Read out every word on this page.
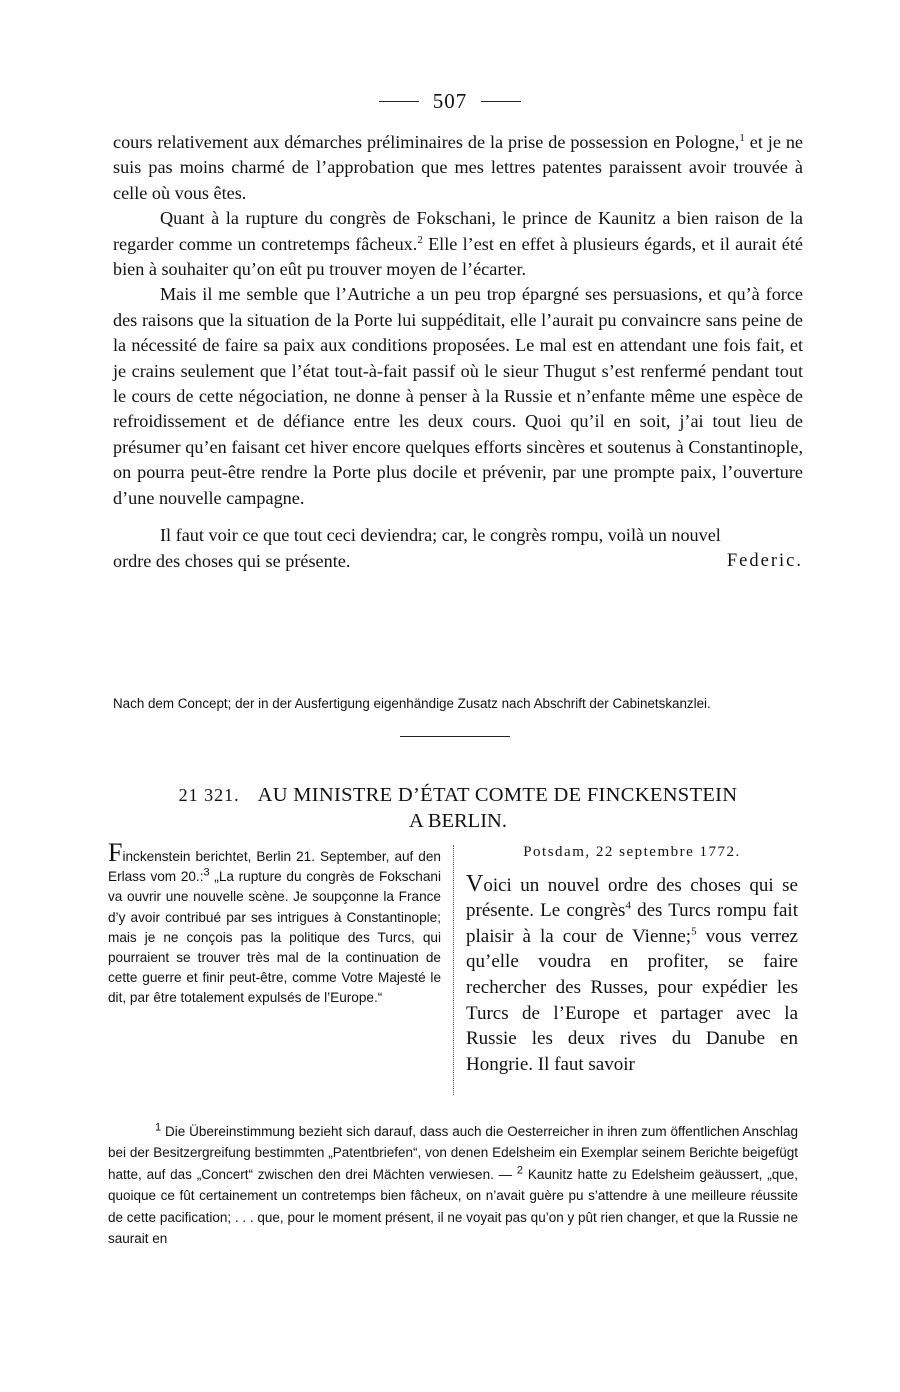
507

cours relativement aux démarches préliminaires de la prise de possession en Pologne,$^1$ et je ne suis pas moins charmé de l’approbation que mes lettres patentes paraissent avoir trouvée à celle où vous êtes.

Quant à la rupture du congrès de Fokschani, le prince de Kaunitz a bien raison de la regarder comme un contretemps fâcheux.$^2$ Elle l’est en effet à plusieurs égards, et il aurait été bien à souhaiter qu’on eût pu trouver moyen de l’écarter.

Mais il me semble que l’Autriche a un peu trop épargné ses persuasions, et qu’à force des raisons que la situation de la Porte lui suppéditait, elle l’aurait pu convaincre sans peine de la nécessité de faire sa paix aux conditions proposées. Le mal est en attendant une fois fait, et je crains seulement que l’état tout-à-fait passif où le sieur Thugut s’est renfermé pendant tout le cours de cette négociation, ne donne à penser à la Russie et n’enfante même une espèce de refroidissement et de défiance entre les deux cours. Quoi qu’il en soit, j’ai tout lieu de présumer qu’en faisant cet hiver encore quelques efforts sincères et soutenus à Constantinople, on pourra peut-être rendre la Porte plus docile et prévenir, par une prompte paix, l’ouverture d’une nouvelle campagne.

Il faut voir ce que tout ceci deviendra; car, le congrès rompu, voilà un nouvel ordre des choses qui se présente.	Federic.
Nach dem Concept; der in der Ausfertigung eigenhändige Zusatz nach Abschrift der Cabinetskanzlei.
21 321. AU MINISTRE D’ÉTAT COMTE DE FINCKENSTEIN
A BERLIN.
Finckenstein berichtet, Berlin 21. September, auf den Erlass vom 20.:$^3$ „La rupture du congrès de Fokschani va ouvrir une nouvelle scène. Je soupçonne la France d’y avoir contribué par ses intrigues à Constantinople; mais je ne conçois pas la politique des Turcs, qui pourraient se trouver très mal de la continuation de cette guerre et finir peut-être, comme Votre Majesté le dit, par être totalement expulsés de l’Europe.“
Potsdam, 22 septembre 1772.
Voici un nouvel ordre des choses qui se présente. Le congrès$^4$ des Turcs rompu fait plaisir à la cour de Vienne;$^5$ vous verrez qu’elle voudra en profiter, se faire rechercher des Russes, pour expédier les Turcs de l’Europe et partager avec la Russie les deux rives du Danube en Hongrie. Il faut savoir

$^1$ Die Übereinstimmung bezieht sich darauf, dass auch die Oesterreicher in ihren zum öffentlichen Anschlag bei der Besitzergreifung bestimmten „Patentbriefen“, von denen Edelsheim ein Exemplar seinem Berichte beigefügt hatte, auf das „Concert“ zwischen den drei Mächten verwiesen. — $^2$ Kaunitz hatte zu Edelsheim geäussert, „que, quoique ce fût certainement un contretemps bien fâcheux, on n’avait guère pu s’attendre à une meilleure réussite de cette pacification; . . . que, pour le moment présent, il ne voyait pas qu’on y pût rien changer, et que la Russie ne saurait en
